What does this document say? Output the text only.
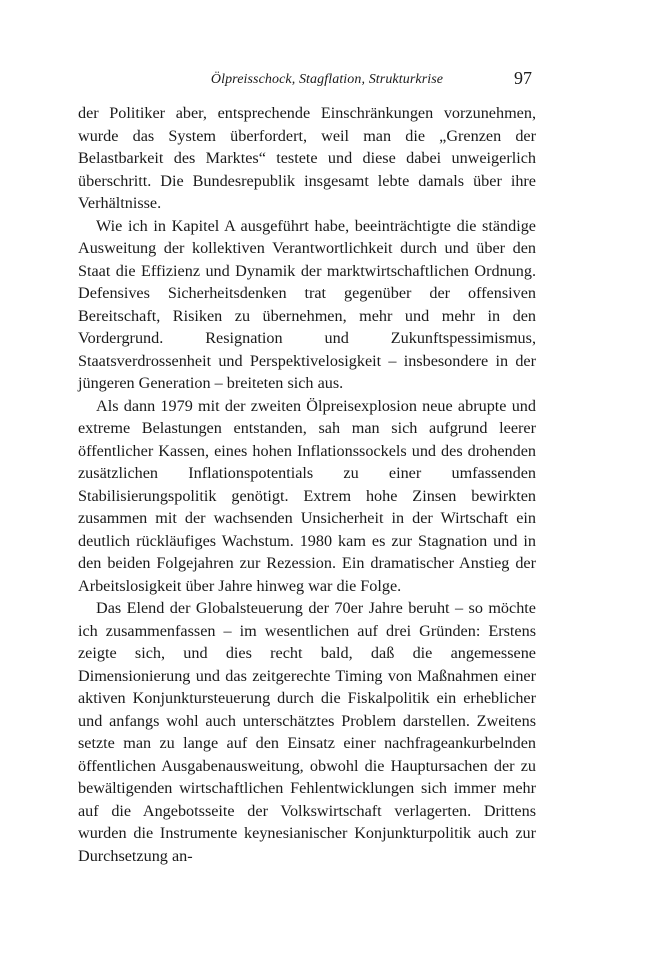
Ölpreisschock, Stagflation, Strukturkrise	97

der Politiker aber, entsprechende Einschränkungen vorzunehmen, wurde das System überfordert, weil man die „Grenzen der Belastbarkeit des Marktes“ testete und diese dabei unweigerlich überschritt. Die Bundesrepublik insgesamt lebte damals über ihre Verhältnisse.

Wie ich in Kapitel A ausgeführt habe, beeinträchtigte die ständige Ausweitung der kollektiven Verantwortlichkeit durch und über den Staat die Effizienz und Dynamik der marktwirtschaftlichen Ordnung. Defensives Sicherheitsdenken trat gegenüber der offensiven Bereitschaft, Risiken zu übernehmen, mehr und mehr in den Vordergrund. Resignation und Zukunftspessimismus, Staatsverdrossenheit und Perspektivelosigkeit – insbesondere in der jüngeren Generation – breiteten sich aus.

Als dann 1979 mit der zweiten Ölpreisexplosion neue abrupte und extreme Belastungen entstanden, sah man sich aufgrund leerer öffentlicher Kassen, eines hohen Inflationssockels und des drohenden zusätzlichen Inflationspotentials zu einer umfassenden Stabilisierungspolitik genötigt. Extrem hohe Zinsen bewirkten zusammen mit der wachsenden Unsicherheit in der Wirtschaft ein deutlich rückläufiges Wachstum. 1980 kam es zur Stagnation und in den beiden Folgejahren zur Rezession. Ein dramatischer Anstieg der Arbeitslosigkeit über Jahre hinweg war die Folge.

Das Elend der Globalsteuerung der 70er Jahre beruht – so möchte ich zusammenfassen – im wesentlichen auf drei Gründen: Erstens zeigte sich, und dies recht bald, daß die angemessene Dimensionierung und das zeitgerechte Timing von Maßnahmen einer aktiven Konjunktursteuerung durch die Fiskalpolitik ein erheblicher und anfangs wohl auch unterschätztes Problem darstellen. Zweitens setzte man zu lange auf den Einsatz einer nachfrageankurbelnden öffentlichen Ausgabenausweitung, obwohl die Hauptursachen der zu bewältigenden wirtschaftlichen Fehlentwicklungen sich immer mehr auf die Angebotsseite der Volkswirtschaft verlagerten. Drittens wurden die Instrumente keynesianischer Konjunkturpolitik auch zur Durchsetzung an-
